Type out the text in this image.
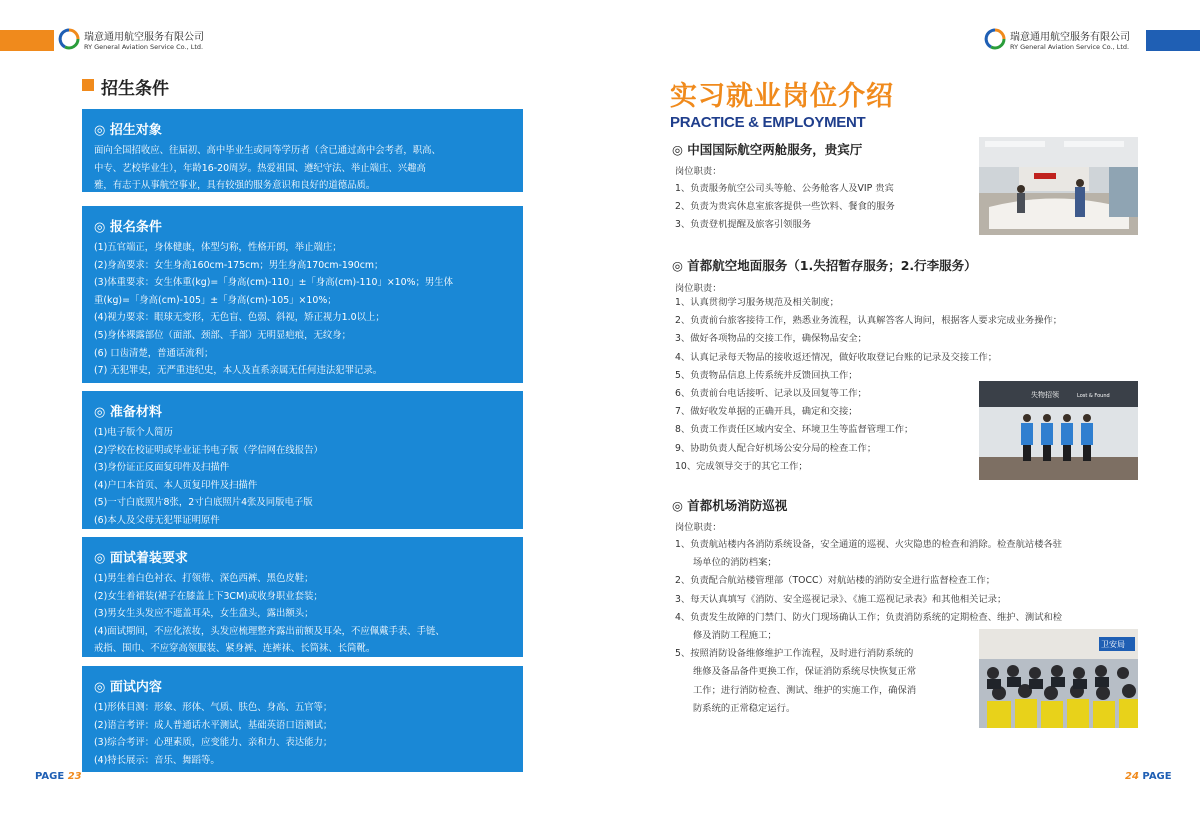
瑞意通用航空服务有限公司
RY General Aviation Service Co., Ltd.
瑞意通用航空服务有限公司
RY General Aviation Service Co., Ltd.
招生条件
◎ 招生对象
面向全国招收应、往届初、高中毕业生或同等学历者（含已通过高中会考者，职高、
中专、艺校毕业生），年龄16-20周岁。热爱祖国、遵纪守法、举止端庄、兴趣高
雅，有志于从事航空事业，具有较强的服务意识和良好的道德品质。
◎ 报名条件
(1)五官端正，身体健康，体型匀称，性格开朗，举止端庄；
(2)身高要求：女生身高160cm-175cm；男生身高170cm-190cm；
(3)体重要求：女生体重(kg)=「身高(cm)-110」±「身高(cm)-110」×10%；男生体
重(kg)=「身高(cm)-105」±「身高(cm)-105」×10%；
(4)视力要求：眼球无变形，无色盲、色弱、斜视，矫正视力1.0以上；
(5)身体裸露部位（面部、颈部、手部）无明显疤痕，无纹身；
(6) 口齿清楚，普通话流利；
(7) 无犯罪史，无严重违纪史，本人及直系亲属无任何违法犯罪记录。
◎ 准备材料
(1)电子版个人简历
(2)学校在校证明或毕业证书电子版（学信网在线报告）
(3)身份证正反面复印件及扫描件
(4)户口本首页、本人页复印件及扫描件
(5)一寸白底照片8张，2寸白底照片4张及同版电子版
(6)本人及父母无犯罪证明原件
◎ 面试着装要求
(1)男生着白色衬衣、打领带、深色西裤、黑色皮鞋；
(2)女生着裙装(裙子在膝盖上下3CM)或收身职业套装；
(3)男女生头发应不遮盖耳朵，女生盘头，露出额头；
(4)面试期间，不应化浓妆，头发应梳理整齐露出前额及耳朵，不应佩戴手表、手链、
戒指、围巾、不应穿高领服装、紧身裤、连裤袜、长筒袜、长筒靴。
◎ 面试内容
(1)形体目测：形象、形体、气质、肤色、身高、五官等；
(2)语言考评：成人普通话水平测试，基础英语口语测试；
(3)综合考评：心理素质，应变能力、亲和力、表达能力；
(4)特长展示：音乐、舞蹈等。
PAGE 23
实习就业岗位介绍
PRACTICE & EMPLOYMENT
◎ 中国国际航空两舱服务，贵宾厅
岗位职责：
1、负责服务航空公司头等舱、公务舱客人及VIP 贵宾
2、负责为贵宾休息室旅客提供一些饮料、餐食的服务
3、负责登机提醒及旅客引领服务
◎ 首都航空地面服务（1.失招暂存服务；2.行李服务）
岗位职责：
1、认真贯彻学习服务规范及相关制度；
2、负责前台旅客接待工作，熟悉业务流程，认真解答客人询问，根据客人要求完成业务操作；
3、做好各项物品的交接工作，确保物品安全；
4、认真记录每天物品的接收返还情况，做好收取登记台账的记录及交接工作；
5、负责物品信息上传系统并反馈回执工作；
6、负责前台电话接听、记录以及回复等工作；
7、做好收发单据的正确开具，确定和交接；
8、负责工作责任区域内安全、环境卫生等监督管理工作；
9、协助负责人配合好机场公安分局的检查工作；
10、完成领导交于的其它工作；
失物招领	Lost & Found
◎ 首都机场消防巡视
岗位职责：
1、负责航站楼内各消防系统设备，安全通道的巡视、火灾隐患的检查和消除。检查航站楼各驻
场单位的消防档案；
2、负责配合航站楼管理部（TOCC）对航站楼的消防安全进行监督检查工作；
3、每天认真填写《消防、安全巡视记录》、《施工巡视记录表》和其他相关记录；
4、负责发生故障的门禁门、防火门现场确认工作；负责消防系统的定期检查、维护、测试和检
修及消防工程施工；
5、按照消防设备维修维护工作流程，及时进行消防系统的
维修及备品备件更换工作，保证消防系统尽快恢复正常
工作；进行消防检查、测试、维护的实施工作，确保消
防系统的正常稳定运行。
卫安局
24 PAGE
